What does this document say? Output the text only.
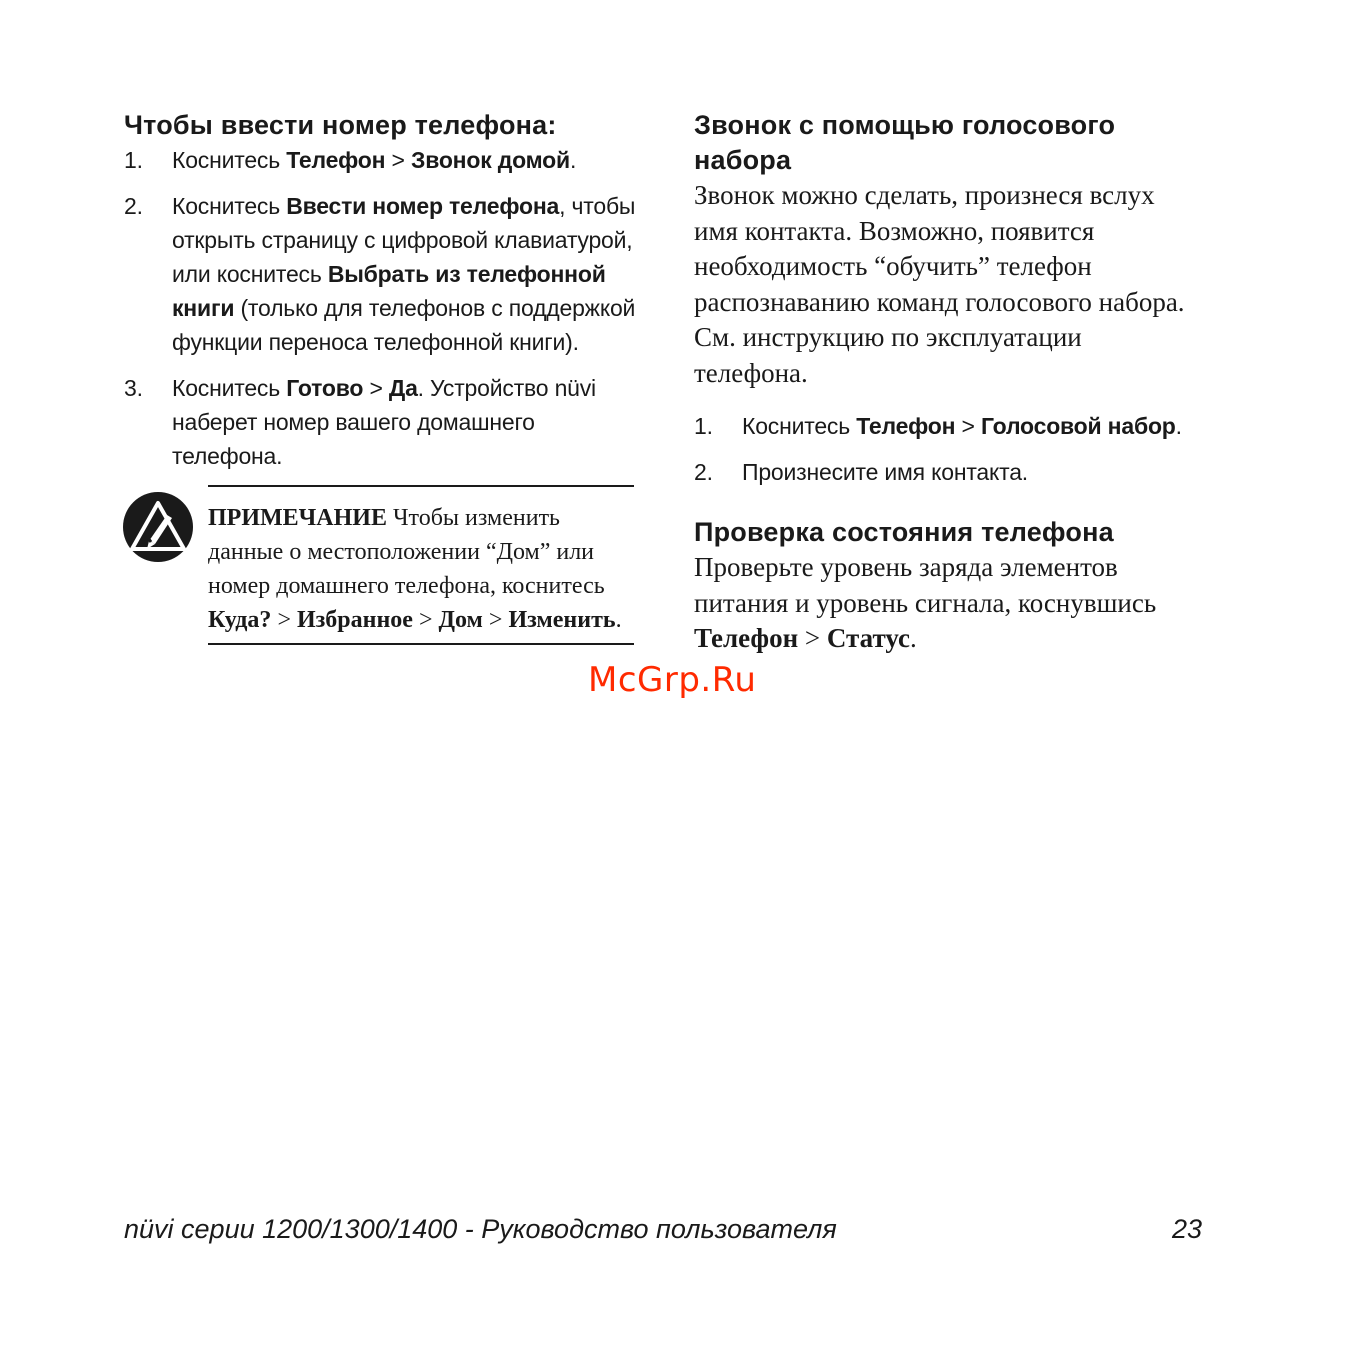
Чтобы ввести номер телефона:
1. Коснитесь Телефон > Звонок домой.
2. Коснитесь Ввести номер телефона, чтобы открыть страницу с цифровой клавиатурой, или коснитесь Выбрать из телефонной книги (только для телефонов с поддержкой функции переноса телефонной книги).
3. Коснитесь Готово > Да. Устройство nüvi наберет номер вашего домашнего телефона.

ПРИМЕЧАНИЕ Чтобы изменить данные о местоположении “Дом” или номер домашнего телефона, коснитесь Куда? > Избранное > Дом > Изменить.

Звонок с помощью голосового набора

Звонок можно сделать, произнеся вслух имя контакта. Возможно, появится необходимость “обучить” телефон распознаванию команд голосового набора. См. инструкцию по эксплуатации телефона.

1. Коснитесь Телефон > Голосовой набор.
2. Произнесите имя контакта.
Проверка состояния телефона

Проверьте уровень заряда элементов питания и уровень сигнала, коснувшись Телефон > Статус.

McGrp.Ru
nüvi серии 1200/1300/1400 - Руководство пользователя	23
